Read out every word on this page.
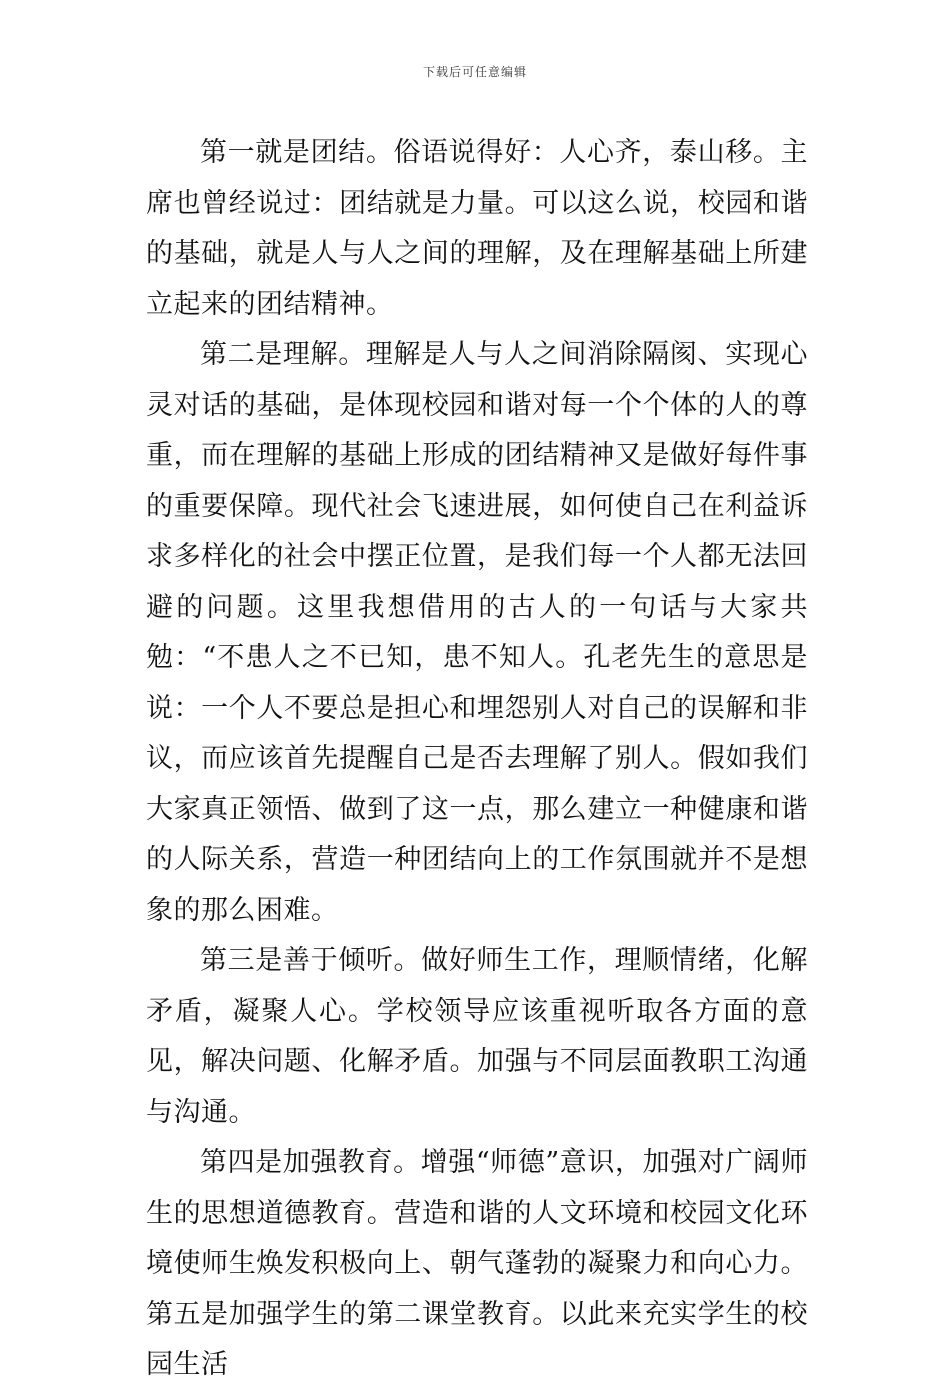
下载后可任意编辑

第一就是团结。俗语说得好：人心齐，泰山移。主席也曾经说过：团结就是力量。可以这么说，校园和谐的基础，就是人与人之间的理解，及在理解基础上所建立起来的团结精神。

第二是理解。理解是人与人之间消除隔阂、实现心灵对话的基础，是体现校园和谐对每一个个体的人的尊重，而在理解的基础上形成的团结精神又是做好每件事的重要保障。现代社会飞速进展，如何使自己在利益诉求多样化的社会中摆正位置，是我们每一个人都无法回避的问题。这里我想借用的古人的一句话与大家共勉：“不患人之不已知，患不知人。孔老先生的意思是说：一个人不要总是担心和埋怨别人对自己的误解和非议，而应该首先提醒自己是否去理解了别人。假如我们大家真正领悟、做到了这一点，那么建立一种健康和谐的人际关系，营造一种团结向上的工作氛围就并不是想象的那么困难。

第三是善于倾听。做好师生工作，理顺情绪，化解矛盾，凝聚人心。学校领导应该重视听取各方面的意见，解决问题、化解矛盾。加强与不同层面教职工沟通与沟通。

第四是加强教育。增强“师德”意识，加强对广阔师生的思想道德教育。营造和谐的人文环境和校园文化环境使师生焕发积极向上、朝气蓬勃的凝聚力和向心力。第五是加强学生的第二课堂教育。以此来充实学生的校园生活
